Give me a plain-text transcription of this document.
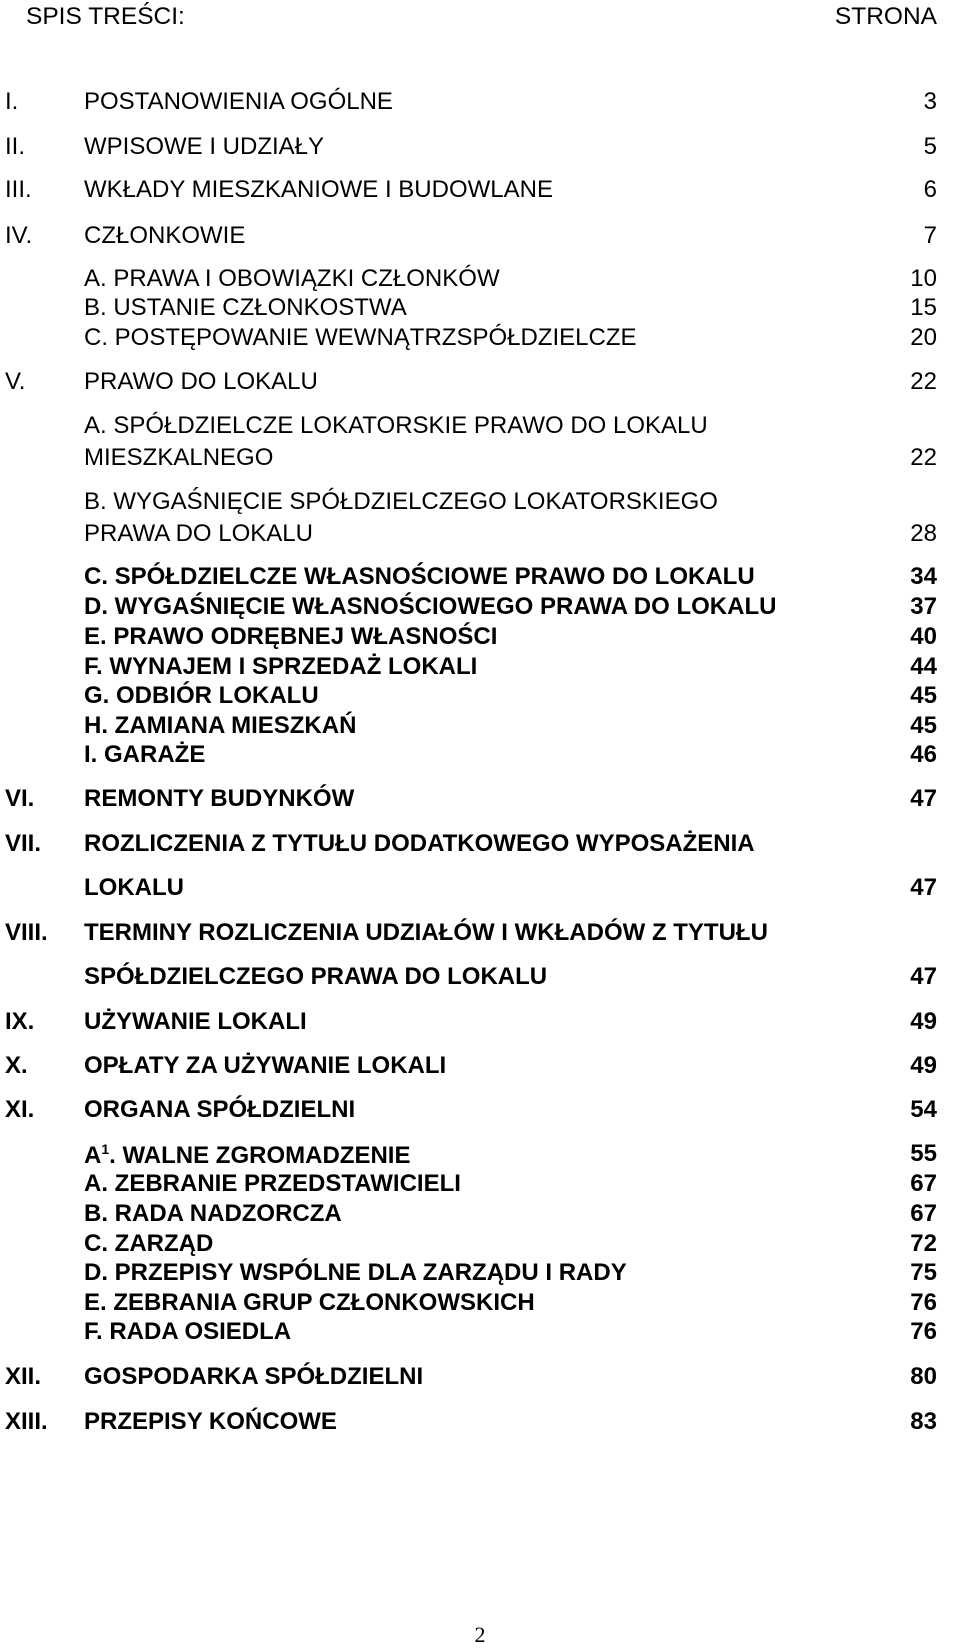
SPIS TREŚCI:	STRONA
I.	POSTANOWIENIA OGÓLNE	3
II. WPISOWE I UDZIAŁY	5
III. WKŁADY MIESZKANIOWE I BUDOWLANE	6
IV. CZŁONKOWIE	7
A. PRAWA I OBOWIĄZKI CZŁONKÓW	10
B. USTANIE CZŁONKOSTWA	15
C. POSTĘPOWANIE WEWNĄTRZSPÓŁDZIELCZE	20
V. PRAWO DO LOKALU	22
A. SPÓŁDZIELCZE LOKATORSKIE PRAWO DO LOKALU
MIESZKALNEGO	22
B. WYGAŚNIĘCIE SPÓŁDZIELCZEGO LOKATORSKIEGO
PRAWA DO LOKALU	28
C. SPÓŁDZIELCZE WŁASNOŚCIOWE PRAWO DO LOKALU	34
D. WYGAŚNIĘCIE WŁASNOŚCIOWEGO PRAWA DO LOKALU	37
E. PRAWO ODRĘBNEJ WŁASNOŚCI	40
F. WYNAJEM I SPRZEDAŻ LOKALI	44
G. ODBIÓR LOKALU	45
H. ZAMIANA MIESZKAŃ	45
I. GARAŻE	46
VI. REMONTY BUDYNKÓW	47
VII. ROZLICZENIA Z TYTUŁU DODATKOWEGO WYPOSAŻENIA
LOKALU	47
VIII. TERMINY ROZLICZENIA UDZIAŁÓW I WKŁADÓW Z TYTUŁU
SPÓŁDZIELCZEGO PRAWA DO LOKALU	47
IX. UŻYWANIE LOKALI	49
X. OPŁATY ZA UŻYWANIE LOKALI	49
XI. ORGANA SPÓŁDZIELNI	54
$A^1$. WALNE ZGROMADZENIE	55
A. ZEBRANIE PRZEDSTAWICIELI	67
B. RADA NADZORCZA	67
C. ZARZĄD	72
D. PRZEPISY WSPÓLNE DLA ZARZĄDU I RADY	75
E. ZEBRANIA GRUP CZŁONKOWSKICH	76
F. RADA OSIEDLA	76
XII. GOSPODARKA SPÓŁDZIELNI	80
XIII. PRZEPISY KOŃCOWE	83
2
